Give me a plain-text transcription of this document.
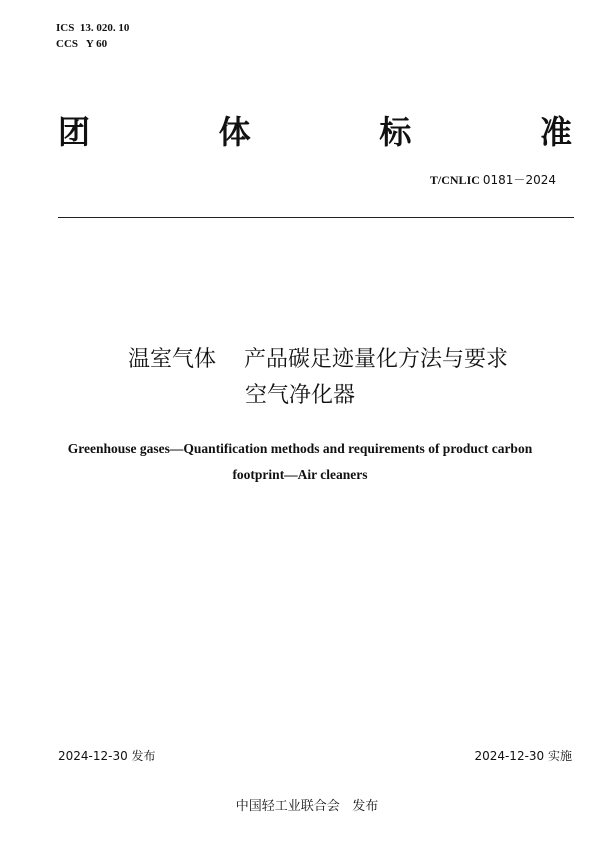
ICS  13. 020. 10
CCS   Y 60
团	体	标	准
T/CNLIC 0181－2024
温室气体    产品碳足迹量化方法与要求
空气净化器
Greenhouse gases—Quantification methods and requirements of product carbon
footprint—Air cleaners
2024-12-30 发布	2024-12-30 实施
中国轻工业联合会   发布
